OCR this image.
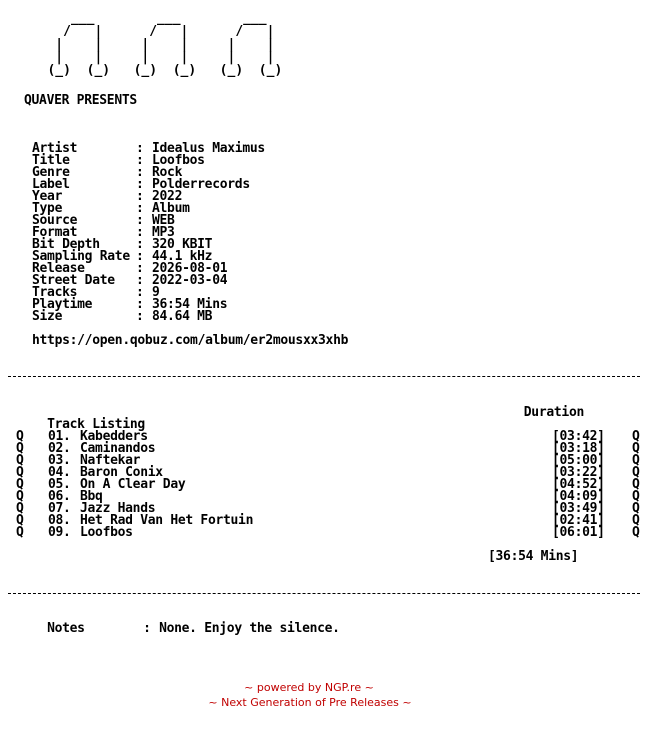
___        ___        ___
/   |      /   |      /   |
|    |     |    |     |    |
|    |     |    |     |    |
(_)  (_)   (_)  (_)   (_)  (_)
QUAVER PRESENTS
Artist	: Idealus Maximus
Title	: Loofbos
Genre	: Rock
Label	: Polderrecords
Year	: 2022
Type	: Album
Source	: WEB
Format	: MP3
Bit Depth	: 320 KBIT
Sampling Rate : 44.1 kHz
Release	: 2026-08-01
Street Date : 2022-03-04
Tracks	: 9
Playtime	: 36:54 Mins
Size	: 84.64 MB
https://open.qobuz.com/album/er2mousxx3xhb

Track Listing

Duration

Q 01. Kabedders	[03:42] Q
Q 02. Caminandos	[03:18] Q
Q 03. Naftekar	[05:00] Q
Q 04. Baron Conix	[03:22] Q
Q 05. On A Clear Day	[04:52] Q
Q 06. Bbq	[04:09] Q
Q 07. Jazz Hands	[03:49] Q
Q 08. Het Rad Van Het Fortuin	[02:41] Q
Q 09. Loofbos	[06:01] Q
[36:54 Mins]

Notes	: None. Enjoy the silence.

~ powered by NGP.re ~
~ Next Generation of Pre Releases ~
